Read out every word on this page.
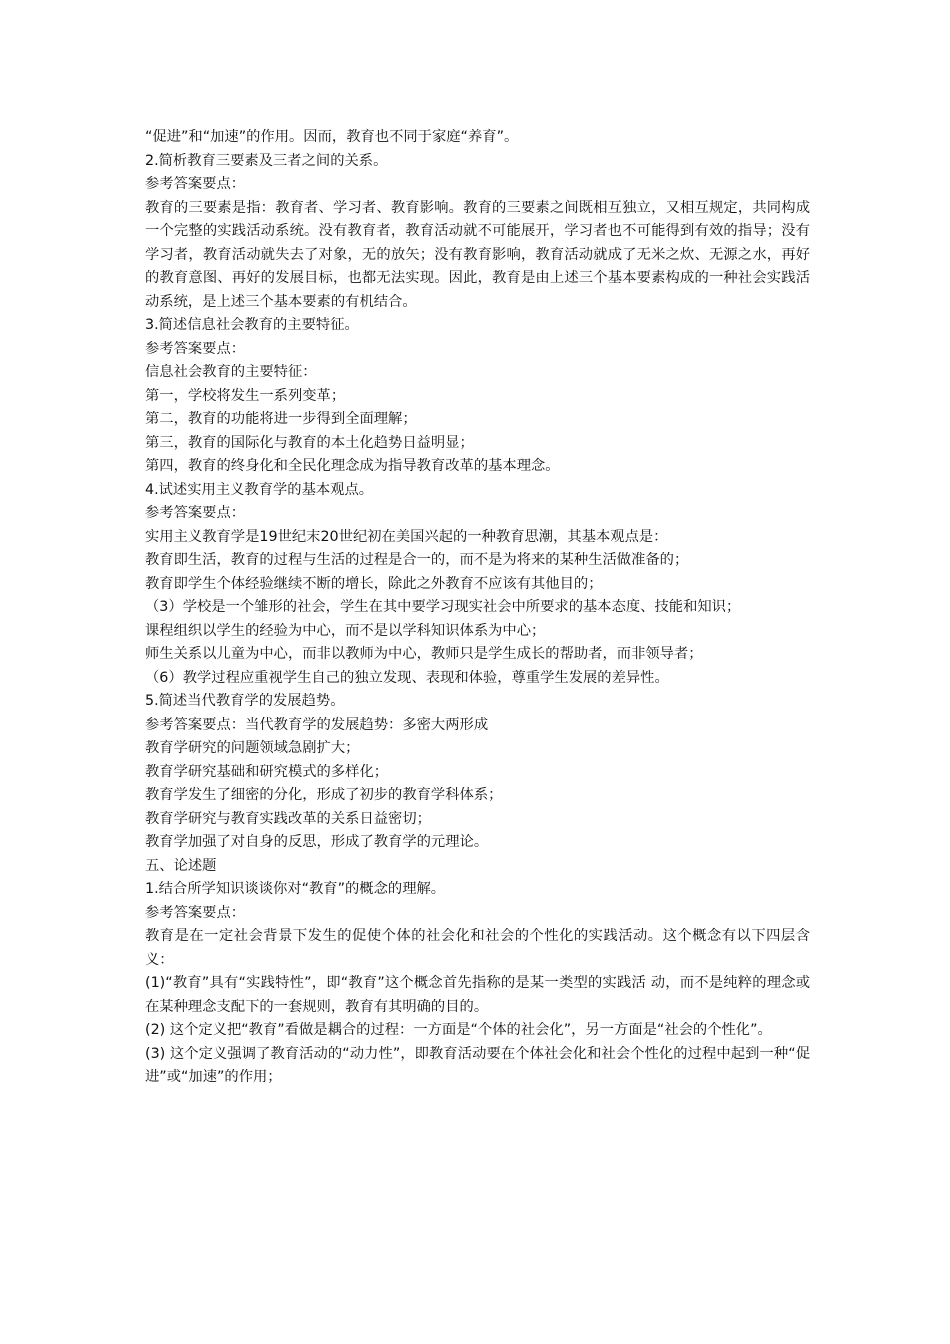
“促进”和“加速”的作用。因而，教育也不同于家庭“养育”。

2.简析教育三要素及三者之间的关系。

参考答案要点：

教育的三要素是指：教育者、学习者、教育影响。教育的三要素之间既相互独立，又相互规定，共同构成一个完整的实践活动系统。没有教育者，教育活动就不可能展开，学习者也不可能得到有效的指导；没有学习者，教育活动就失去了对象，无的放矢；没有教育影响，教育活动就成了无米之炊、无源之水，再好的教育意图、再好的发展目标，也都无法实现。因此，教育是由上述三个基本要素构成的一种社会实践活动系统，是上述三个基本要素的有机结合。

3.简述信息社会教育的主要特征。

参考答案要点：

信息社会教育的主要特征：

第一，学校将发生一系列变革；

第二，教育的功能将进一步得到全面理解；

第三，教育的国际化与教育的本土化趋势日益明显；

第四，教育的终身化和全民化理念成为指导教育改革的基本理念。

4.试述实用主义教育学的基本观点。

参考答案要点：

实用主义教育学是19世纪末20世纪初在美国兴起的一种教育思潮，其基本观点是：

教育即生活，教育的过程与生活的过程是合一的，而不是为将来的某种生活做准备的；

教育即学生个体经验继续不断的增长，除此之外教育不应该有其他目的；

（3）学校是一个雏形的社会，学生在其中要学习现实社会中所要求的基本态度、技能和知识；

课程组织以学生的经验为中心，而不是以学科知识体系为中心；

师生关系以儿童为中心，而非以教师为中心，教师只是学生成长的帮助者，而非领导者；

（6）教学过程应重视学生自己的独立发现、表现和体验，尊重学生发展的差异性。

5.简述当代教育学的发展趋势。

参考答案要点：当代教育学的发展趋势：多密大两形成

教育学研究的问题领域急剧扩大；

教育学研究基础和研究模式的多样化；

教育学发生了细密的分化，形成了初步的教育学科体系；

教育学研究与教育实践改革的关系日益密切；

教育学加强了对自身的反思，形成了教育学的元理论。

五、论述题

1.结合所学知识谈谈你对“教育”的概念的理解。

参考答案要点：

教育是在一定社会背景下发生的促使个体的社会化和社会的个性化的实践活动。这个概念有以下四层含义：

(1)“教育”具有“实践特性”，即“教育”这个概念首先指称的是某一类型的实践活 动，而不是纯粹的理念或在某种理念支配下的一套规则，教育有其明确的目的。

(2) 这个定义把“教育”看做是耦合的过程：一方面是“个体的社会化”，另一方面是“社会的个性化”。

(3) 这个定义强调了教育活动的“动力性”，即教育活动要在个体社会化和社会个性化的过程中起到一种“促进”或“加速”的作用；
